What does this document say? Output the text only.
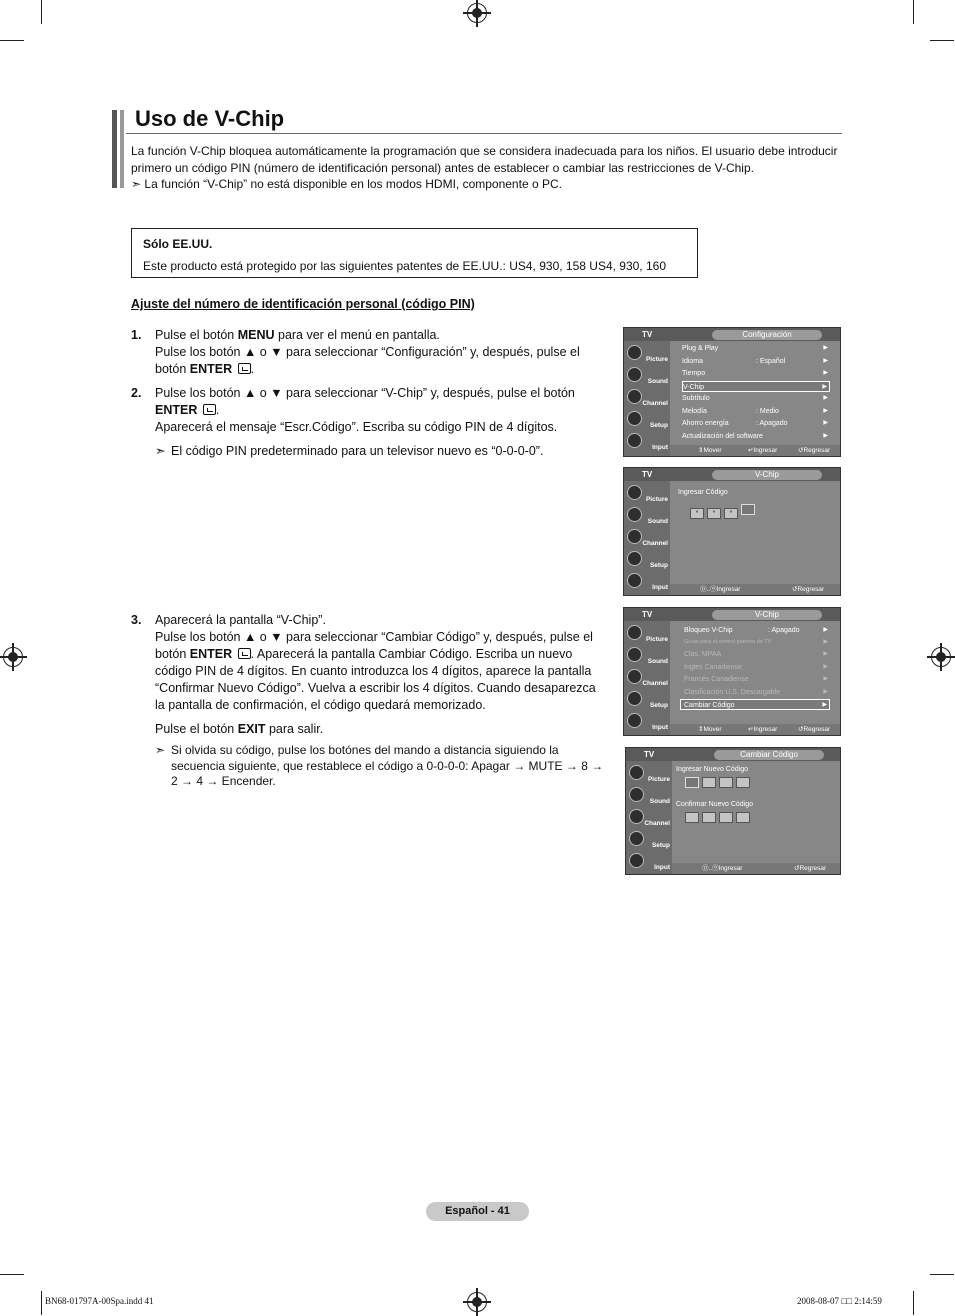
Uso de V-Chip

La función V-Chip bloquea automáticamente la programación que se considera inadecuada para los niños. El usuario debe introducir primero un código PIN (número de identificación personal) antes de establecer o cambiar las restricciones de V-Chip.

➣ La función “V-Chip” no está disponible en los modos HDMI, componente o PC.

Sólo EE.UU.
Este producto está protegido por las siguientes patentes de EE.UU.: US4, 930, 158 US4, 930, 160
Ajuste del número de identificación personal (código PIN)
1. Pulse el botón MENU para ver el menú en pantalla.

Pulse los botón ▲ o ▼ para seleccionar “Configuración” y, después, pulse el botón ENTER .

2. Pulse los botón ▲ o ▼ para seleccionar “V-Chip” y, después, pulse el botón ENTER .

Aparecerá el mensaje “Escr.Código”. Escriba su código PIN de 4 dígitos.

➣ El código PIN predeterminado para un televisor nuevo es “0-0-0-0”.

3. Aparecerá la pantalla “V-Chip”.

Pulse los botón ▲ o ▼ para seleccionar “Cambiar Código” y, después, pulse el botón ENTER . Aparecerá la pantalla Cambiar Código. Escriba un nuevo código PIN de 4 dígitos. En cuanto introduzca los 4 dígitos, aparece la pantalla “Confirmar Nuevo Código”. Vuelva a escribir los 4 dígitos. Cuando desaparezca la pantalla de confirmación, el código quedará memorizado.

Pulse el botón EXIT para salir.

➣ Si olvida su código, pulse los botónes del mando a distancia siguiendo la secuencia siguiente, que restablece el código a 0-0-0-0: Apagar → MUTE → 8 → 2 → 4 → Encender.

TV	Configuración
Picture
Sound
Channel
Setup
Input
Plug & Play	▶
Idioma	: Español	▶
Tiempo	▶
V-Chip	▶
Subtítulo	▶
Melodía	: Medio	▶
Ahorro energía	: Apagado	▶
Actualización del software	▶
⇕ Mover	↵ Ingresar	↺ Regresar
TV	V-Chip
Picture
Sound
Channel
Setup
Input
Ingresar Código
* * *
⓪..⑨ Ingresar Código
↺ Regresar
TV	V-Chip
Picture
Sound
Channel
Setup
Input
Bloqueo V-Chip	: Apagado	▶
Guías para el control paterno de TV	▶
Clas. MPAA	▶
Inglés Canadiense	▶
Francés Canadiense	▶
Clasificación U.S. Descargable	▶
Cambiar Código	▶
⇕ Mover	↵ Ingresar	↺ Regresar
TV	Cambiar Código
Picture
Sound
Channel
Setup
Input
Ingresar Nuevo Código
Confirmar Nuevo Código
⓪..⑨ Ingresar Código
↺ Regresar
Español - 41
BN68-01797A-00Spa.indd 41	2008-08-07 □□ 2:14:59
